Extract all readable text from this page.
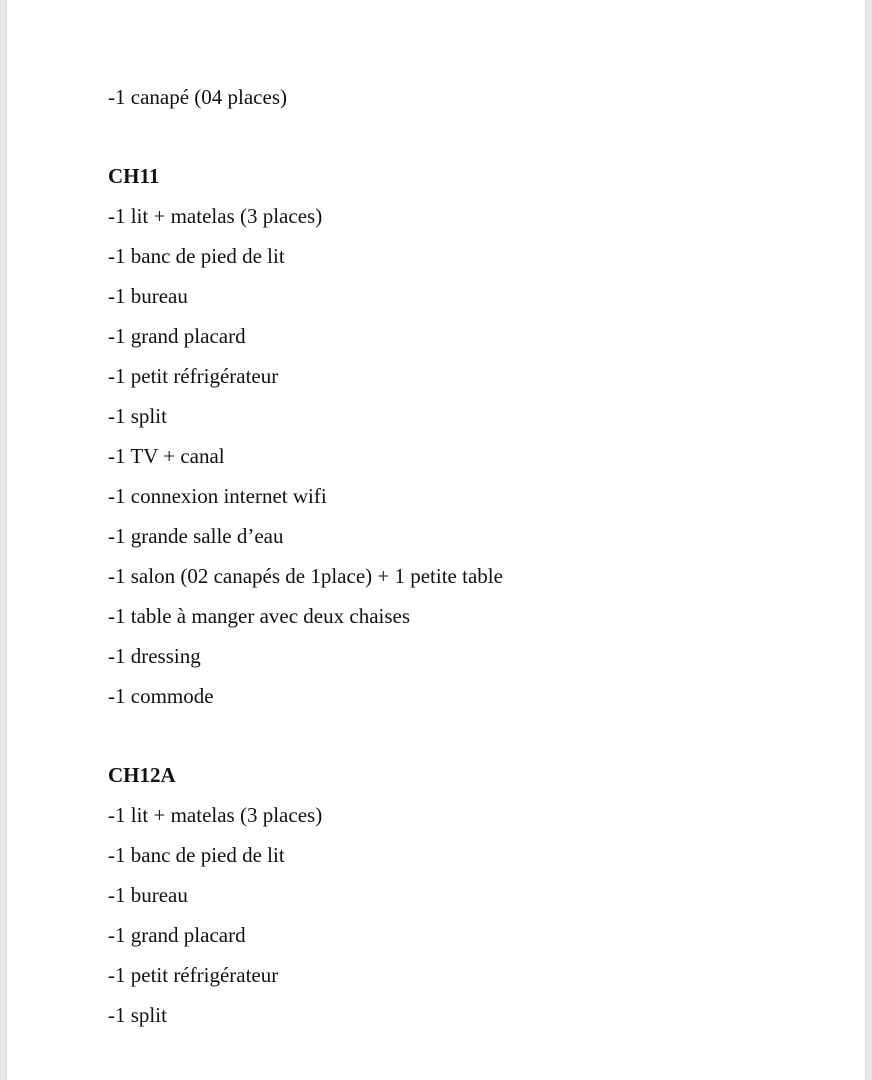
-1 canapé (04 places)
CH11
-1 lit + matelas (3 places)
-1 banc de pied de lit
-1 bureau
-1 grand placard
-1 petit réfrigérateur
-1 split
-1 TV + canal
-1 connexion internet wifi
-1 grande salle d’eau
-1 salon (02 canapés de 1place) + 1 petite table
-1 table à manger avec deux chaises
-1 dressing
-1 commode
CH12A
-1 lit + matelas (3 places)
-1 banc de pied de lit
-1 bureau
-1 grand placard
-1 petit réfrigérateur
-1 split
